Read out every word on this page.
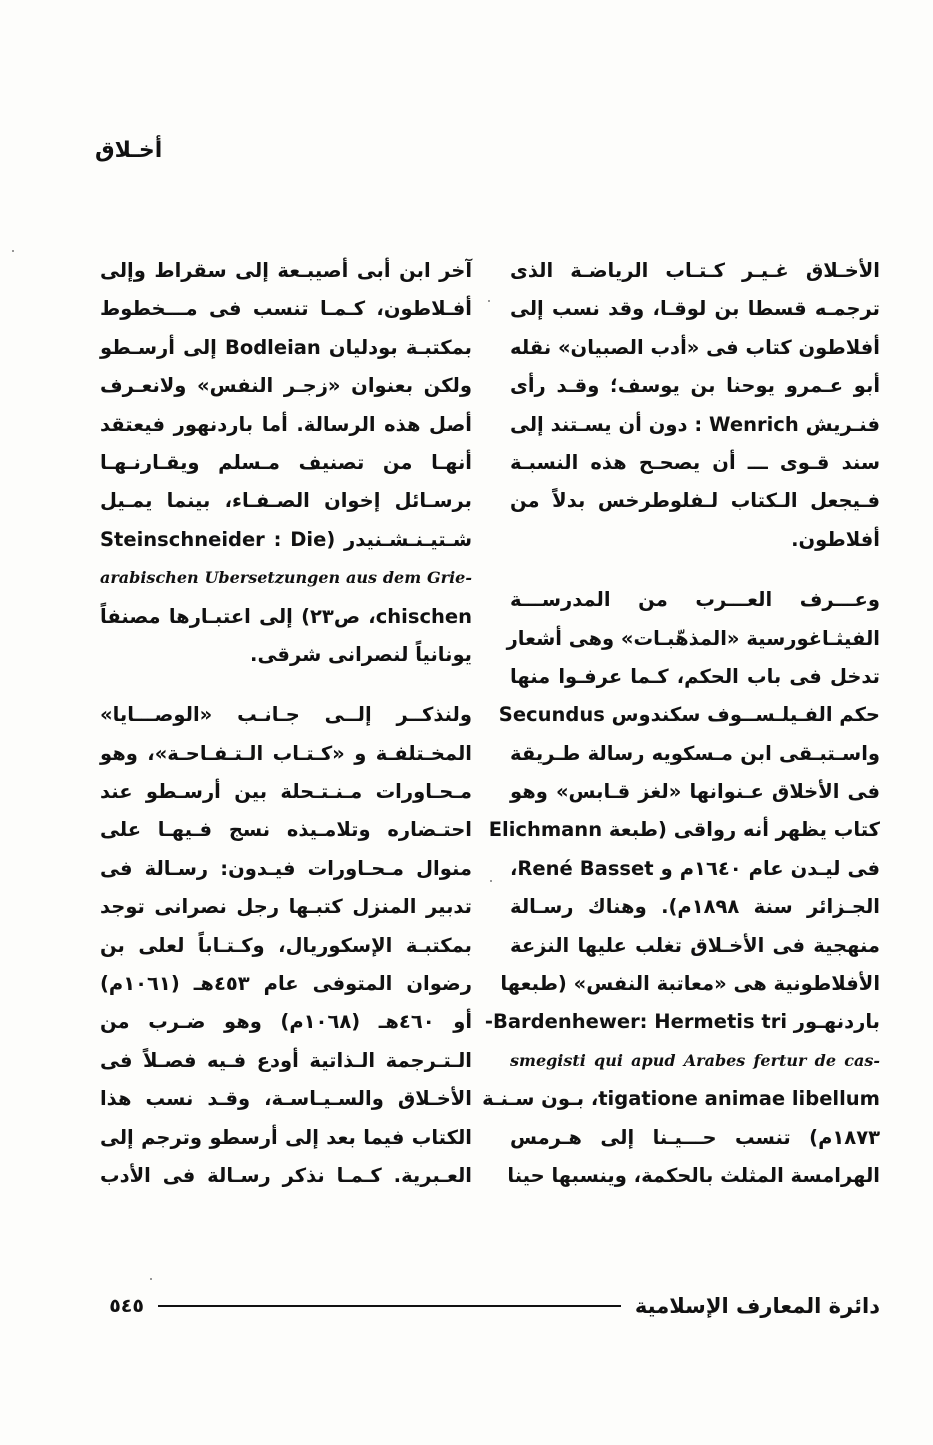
أخـلاق
الأخـلاق غـيـر كـتـاب الرياضـة الذى
ترجمـه قسطا بن لوقـا، وقد نسب إلى
أفلاطون كتاب فى «أدب الصبيان» نقله
أبو عـمرو يوحنا بن يوسف؛ وقـد رأى
فنـريش Wenrich : دون أن يسـتند إلى
سند قـوى ـــ أن يصحـح هذه النسبـة
فـيجعل الـكتاب لـفلوطرخس بدلاً من
أفلاطون.
وعـــرف العـــرب من المدرســـة
الفيثـاغورسية «المذهّبـات» وهى أشعار
تدخل فى باب الحكم، كـما عرفـوا منها
حكم الفـيلـســوف سكندوس Secundus
واسـتبـقى ابن مـسكويه رسالة طـريقة
فى الأخلاق عـنوانها «لغز قـابس» وهو
كتاب يظهر أنه رواقى (طبعة Elichmann
فى ليـدن عام ١٦٤٠م و René Basset،
الجـزائر سنة ١٨٩٨م). وهناك رسـالة
منهجية فى الأخـلاق تغلب عليها النزعة
الأفلاطونية هى «معاتبة النفس» (طبعها
باردنهـور Bardenhewer: Hermetis tri-
smegisti qui apud Arabes fertur de cas-
tigatione animae libellum، بـون سـنـة
١٨٧٣م) تنسب حـــيـنا إلى هـرمس
الهرامسة المثلث بالحكمة، وينسبها حينا
آخر ابن أبى أصيبـعة إلى سقراط وإلى
أفـلاطون، كـمـا تنسب فى مـــخطوط
بمكتبـة بودليان Bodleian إلى أرسـطو
ولكن بعنوان «زجـر النفس» ولانعـرف
أصل هذه الرسالة. أما باردنهور فيعتقد
أنهـا من تصنيف مـسلم ويقـارنـهـا
برسـائل إخوان الصـفـاء، بينما يمـيل
شـتيـنـشـنيدر (Steinschneider : Die
arabischen Ubersetzungen aus dem Grie-
chischen، ص٢٣) إلى اعتبـارها مصنفاً
يونانياً لنصرانى شرقى.
ولنذكــر إلــى جـانـب «الوصـــايا»
المخـتلفـة و «كـتـاب الـتـفـاحـة»، وهو
مـحـاورات مـنـتـحلة بين أرسـطو عند
احتـضاره وتلامـيذه نسج فـيهـا على
منوال مـحـاورات فيـدون: رسـالة فى
تدبير المنزل كتبـها رجل نصرانى توجد
بمكتبـة الإسكوريال، وكـتـاباً لعلى بن
رضوان المتوفى عام ٤٥٣هـ (١٠٦١م)
أو ٤٦٠هـ (١٠٦٨م) وهو ضـرب من
الـتـرجمة الـذاتية أودع فـيه فصـلاً فى
الأخـلاق والسـيـاسـة، وقـد نسب هذا
الكتاب فيما بعد إلى أرسطو وترجم إلى
العـبرية. كـمـا نذكر رسـالة فى الأدب
٥٤٥	دائرة المعارف الإسلامية
